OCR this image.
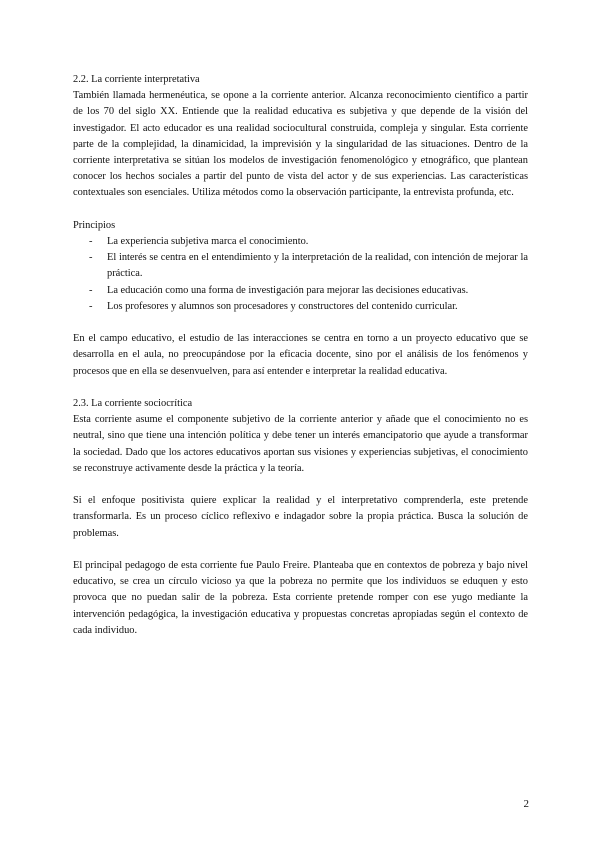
2.2. La corriente interpretativa

También llamada hermenéutica, se opone a la corriente anterior. Alcanza reconocimiento científico a partir de los 70 del siglo XX. Entiende que la realidad educativa es subjetiva y que depende de la visión del investigador. El acto educador es una realidad sociocultural construida, compleja y singular. Esta corriente parte de la complejidad, la dinamicidad, la imprevisión y la singularidad de las situaciones. Dentro de la corriente interpretativa se sitúan los modelos de investigación fenomenológico y etnográfico, que plantean conocer los hechos sociales a partir del punto de vista del actor y de sus experiencias. Las características contextuales son esenciales. Utiliza métodos como la observación participante, la entrevista profunda, etc.

Principios

- La experiencia subjetiva marca el conocimiento.
- El interés se centra en el entendimiento y la interpretación de la realidad, con intención de mejorar la práctica.
- La educación como una forma de investigación para mejorar las decisiones educativas.
- Los profesores y alumnos son procesadores y constructores del contenido curricular.

En el campo educativo, el estudio de las interacciones se centra en torno a un proyecto educativo que se desarrolla en el aula, no preocupándose por la eficacia docente, sino por el análisis de los fenómenos y procesos que en ella se desenvuelven, para así entender e interpretar la realidad educativa.

2.3. La corriente sociocrítica

Esta corriente asume el componente subjetivo de la corriente anterior y añade que el conocimiento no es neutral, sino que tiene una intención política y debe tener un interés emancipatorio que ayude a transformar la sociedad. Dado que los actores educativos aportan sus visiones y experiencias subjetivas, el conocimiento se reconstruye activamente desde la práctica y la teoría.

Si el enfoque positivista quiere explicar la realidad y el interpretativo comprenderla, este pretende transformarla. Es un proceso cíclico reflexivo e indagador sobre la propia práctica. Busca la solución de problemas.

El principal pedagogo de esta corriente fue Paulo Freire. Planteaba que en contextos de pobreza y bajo nivel educativo, se crea un círculo vicioso ya que la pobreza no permite que los individuos se eduquen y esto provoca que no puedan salir de la pobreza. Esta corriente pretende romper con ese yugo mediante la intervención pedagógica, la investigación educativa y propuestas concretas apropiadas según el contexto de cada individuo.

2
